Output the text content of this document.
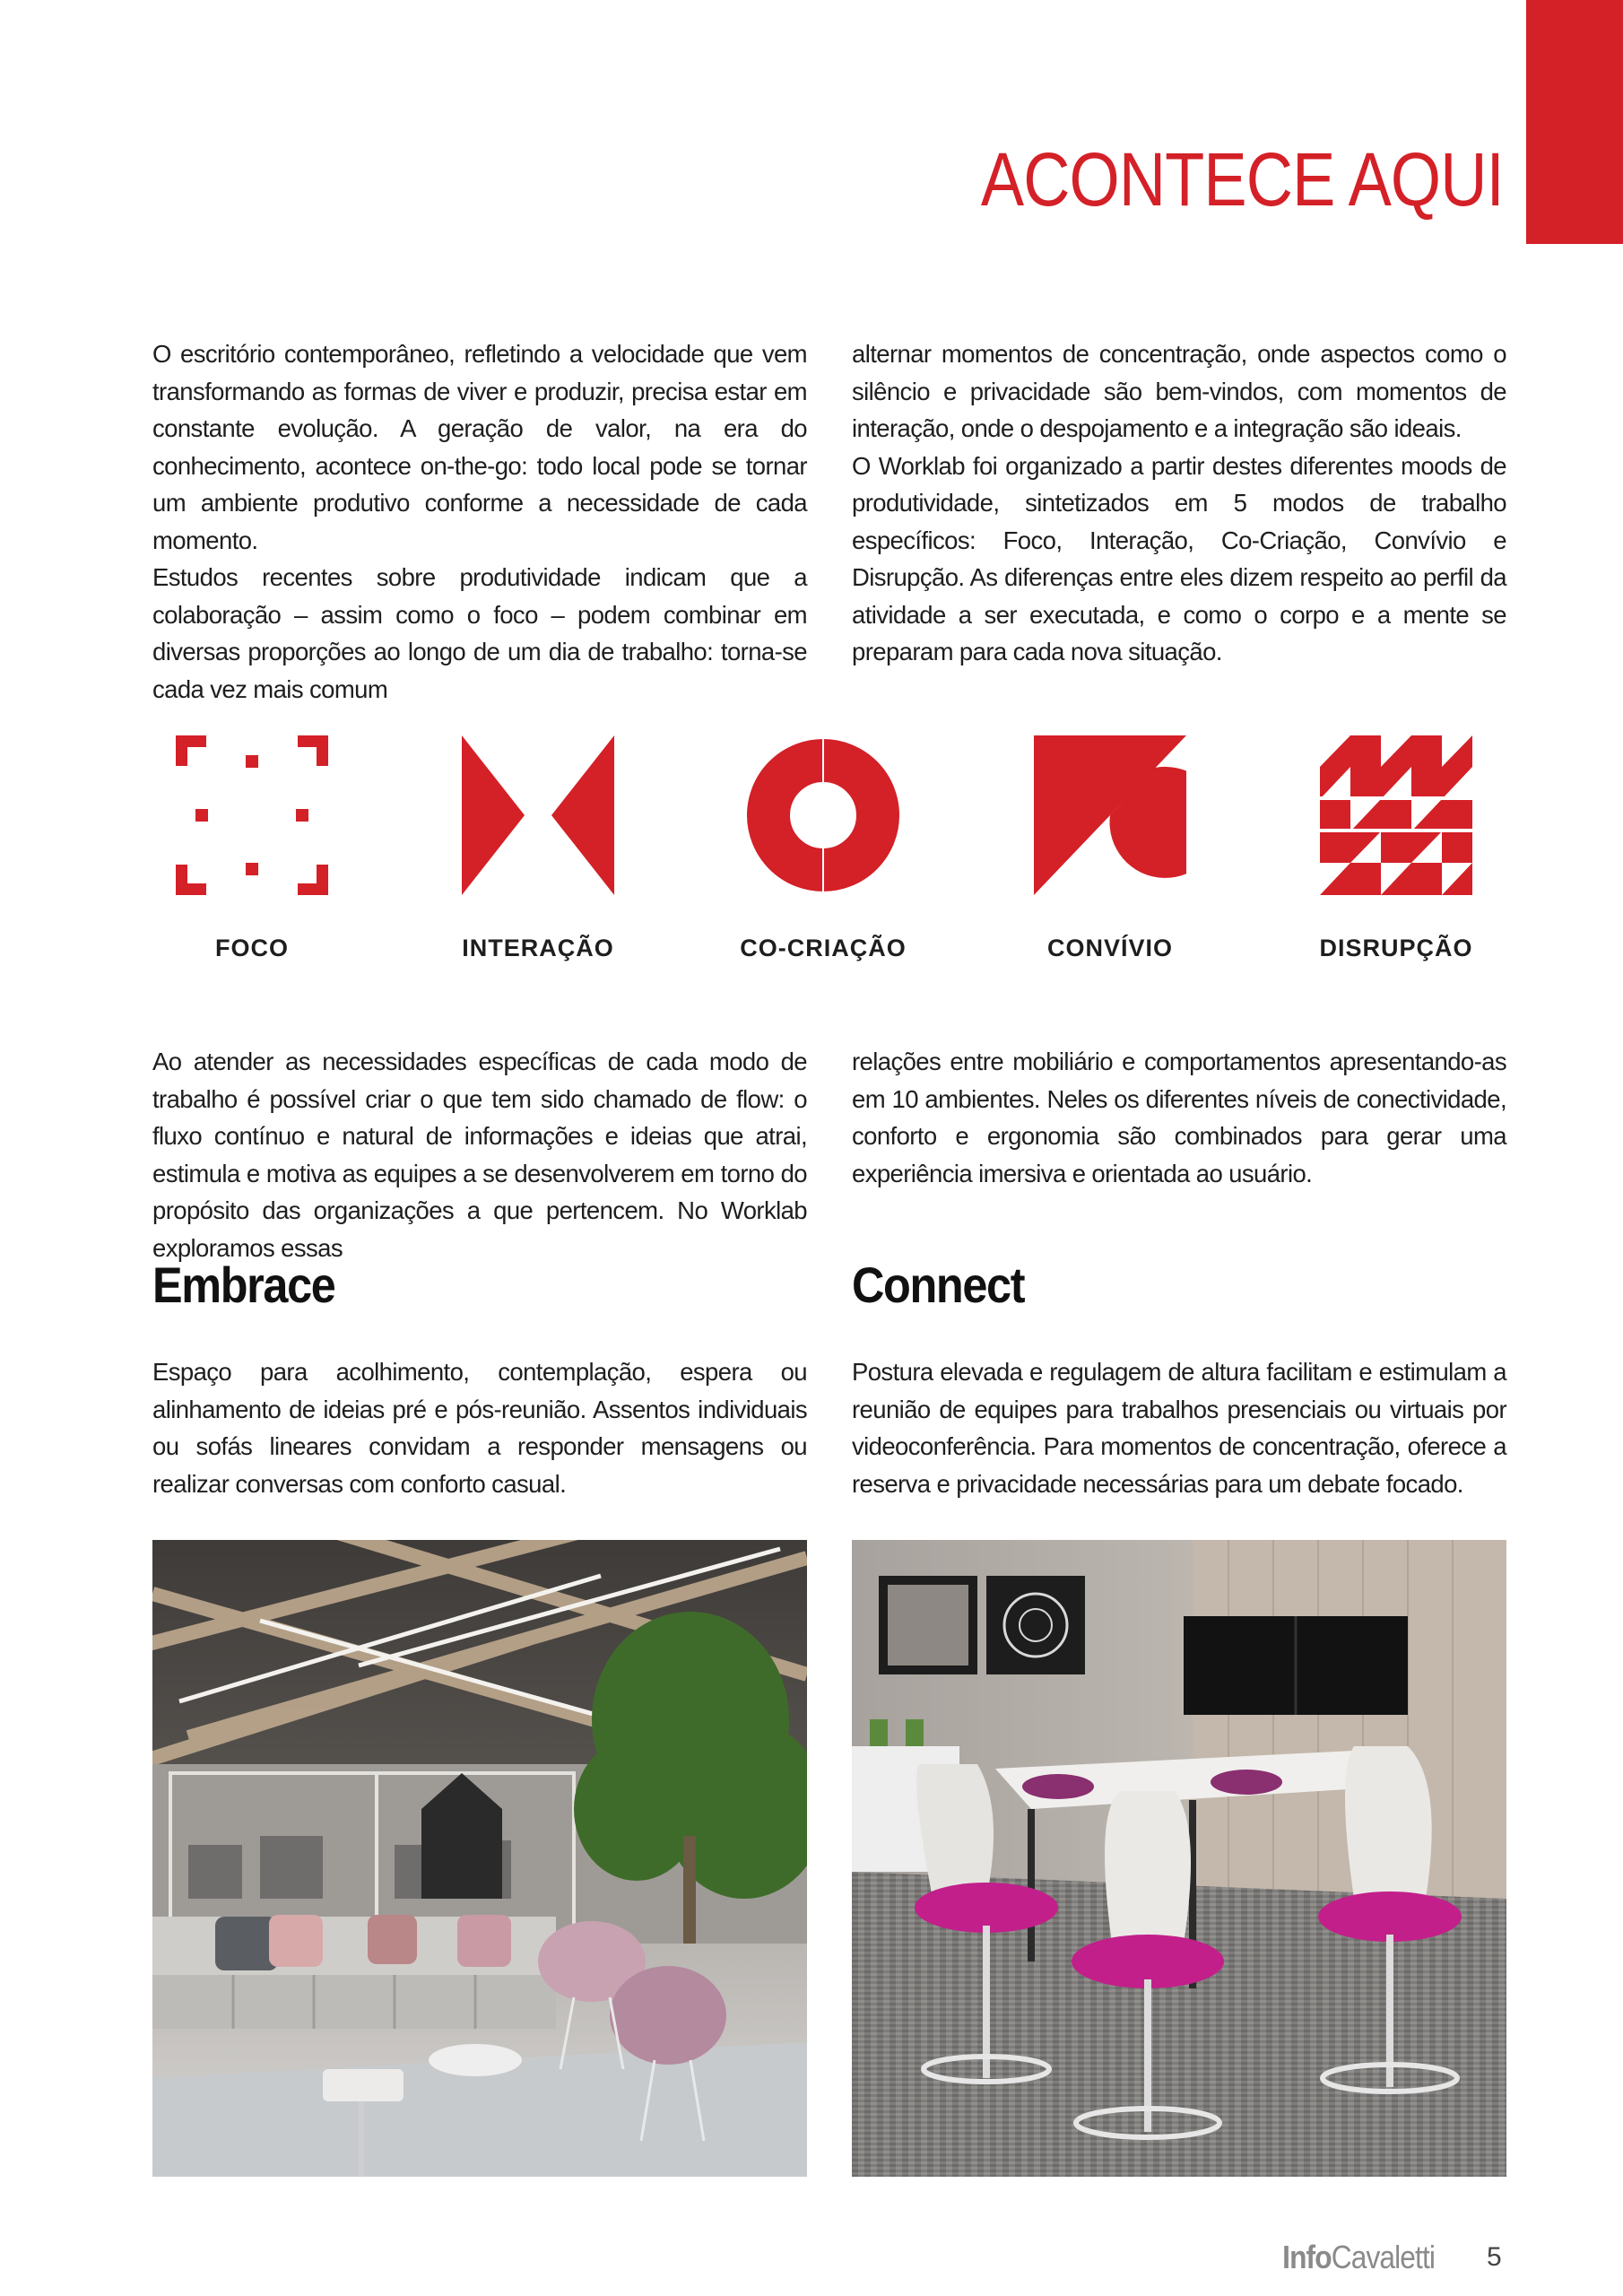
ACONTECE AQUI

O escritório contemporâneo, refletindo a velocidade que vem transformando as formas de viver e produzir, precisa estar em constante evolução. A geração de valor, na era do conhecimento, acontece on-the-go: todo local pode se tornar um ambiente produtivo conforme a necessidade de cada momento.

Estudos recentes sobre produtividade indicam que a colaboração – assim como o foco – podem combinar em diversas proporções ao longo de um dia de trabalho: torna-se cada vez mais comum

alternar momentos de concentração, onde aspectos como o silêncio e privacidade são bem-vindos, com momentos de interação, onde o despojamento e a integração são ideais.

O Worklab foi organizado a partir destes diferentes moods de produtividade, sintetizados em 5 modos de trabalho específicos: Foco, Interação, Co-Criação, Convívio e Disrupção. As diferenças entre eles dizem respeito ao perfil da atividade a ser executada, e como o corpo e a mente se preparam para cada nova situação.

FOCO	INTERAÇÃO	CO-CRIAÇÃO	CONVÍVIO	DISRUPÇÃO

Ao atender as necessidades específicas de cada modo de trabalho é possível criar o que tem sido chamado de flow: o fluxo contínuo e natural de informações e ideias que atrai, estimula e motiva as equipes a se desenvolverem em torno do propósito das organizações a que pertencem. No Worklab exploramos essas

relações entre mobiliário e comportamentos apresentando-as em 10 ambientes. Neles os diferentes níveis de conectividade, conforto e ergonomia são combinados para gerar uma experiência imersiva e orientada ao usuário.

Embrace	Connect

Espaço para acolhimento, contemplação, espera ou alinhamento de ideias pré e pós-reunião. Assentos individuais ou sofás lineares convidam a responder mensagens ou realizar conversas com conforto casual.

Postura elevada e regulagem de altura facilitam e estimulam a reunião de equipes para trabalhos presenciais ou virtuais por videoconferência. Para momentos de concentração, oferece a reserva e privacidade necessárias para um debate focado.

InfoCavaletti 5
